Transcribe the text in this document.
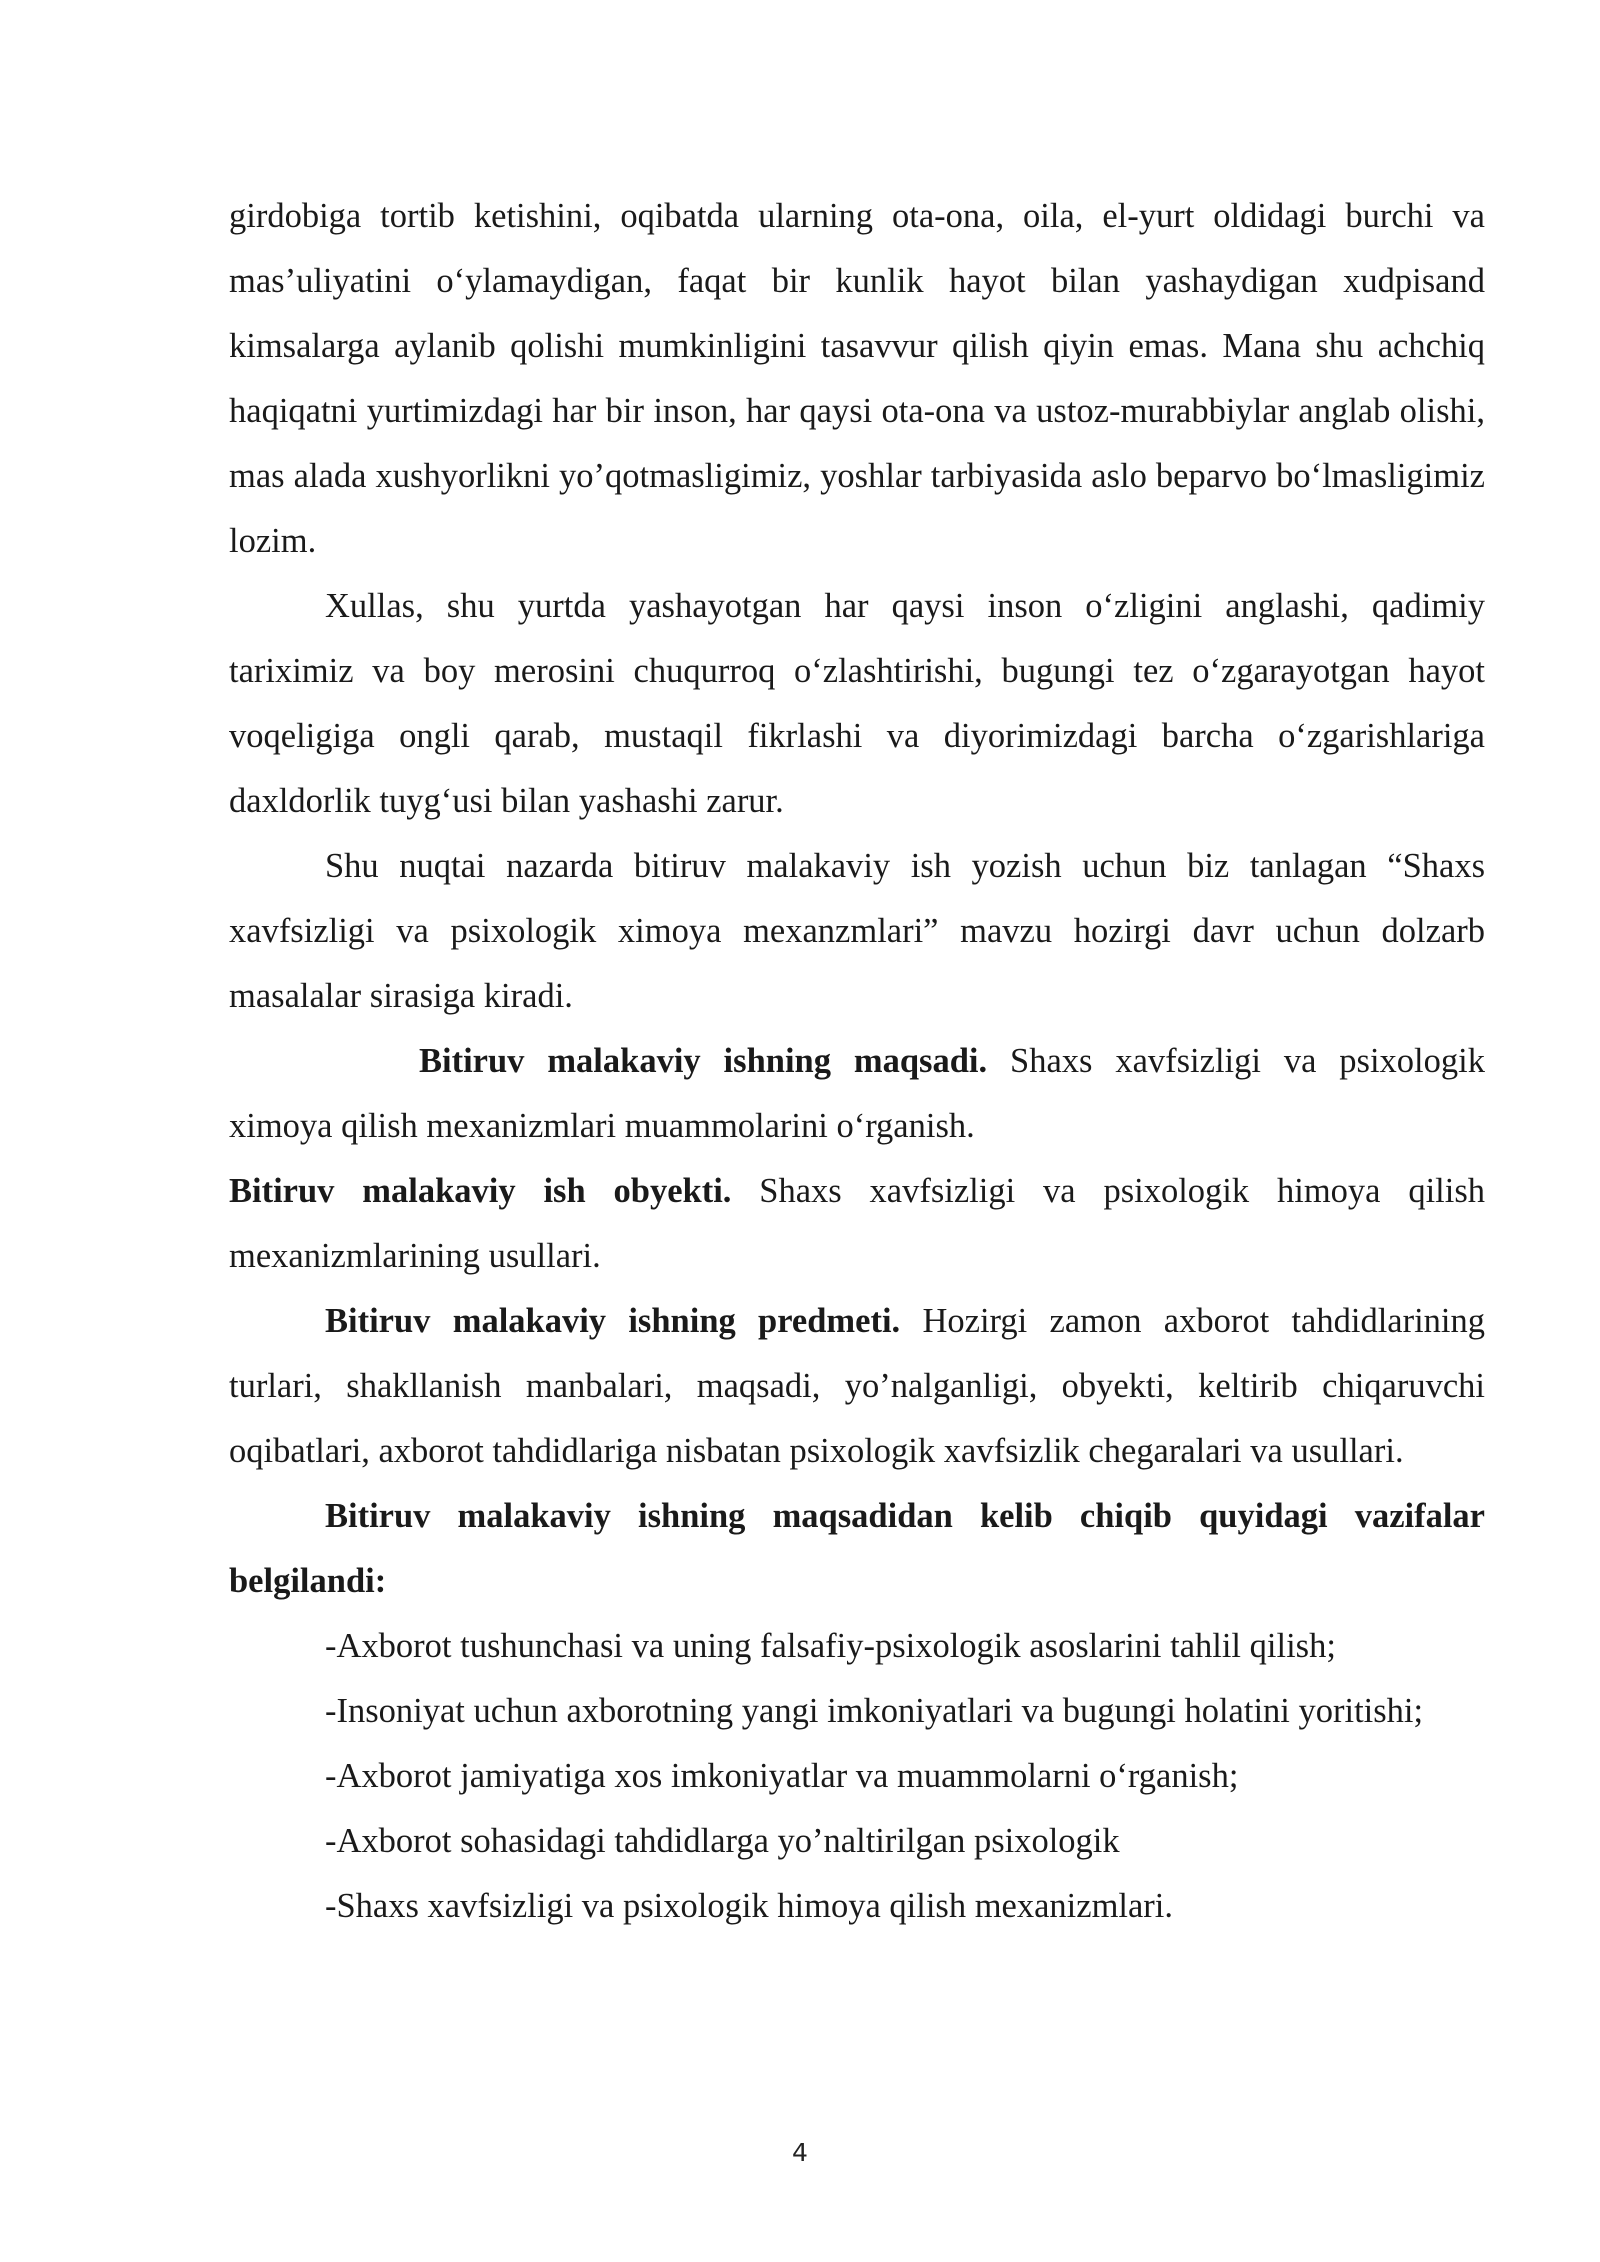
girdobiga tortib ketishini, oqibatda ularning ota-ona, oila, el-yurt oldidagi burchi va mas’uliyatini o‘ylamaydigan, faqat bir kunlik hayot bilan yashaydigan xudpisand kimsalarga aylanib qolishi mumkinligini tasavvur qilish qiyin emas. Mana shu achchiq haqiqatni yurtimizdagi har bir inson, har qaysi ota-ona va ustoz-murabbiylar anglab olishi, mas alada xushyorlikni yo’qotmasligimiz, yoshlar tarbiyasida aslo beparvo bo‘lmasligimiz lozim.

Xullas, shu yurtda yashayotgan har qaysi inson o‘zligini anglashi, qadimiy tariximiz va boy merosini chuqurroq o‘zlashtirishi, bugungi tez o‘zgarayotgan hayot voqeligiga ongli qarab, mustaqil fikrlashi va diyorimizdagi barcha o‘zgarishlariga daxldorlik tuyg‘usi bilan yashashi zarur.

Shu nuqtai nazarda bitiruv malakaviy ish yozish uchun biz tanlagan “Shaxs xavfsizligi va psixologik ximoya mexanzmlari” mavzu hozirgi davr uchun dolzarb masalalar sirasiga kiradi.

Bitiruv malakaviy ishning maqsadi. Shaxs xavfsizligi va psixologik ximoya qilish mexanizmlari muammolarini o‘rganish.

Bitiruv malakaviy ish obyekti. Shaxs xavfsizligi va psixologik himoya qilish mexanizmlarining usullari.

Bitiruv malakaviy ishning predmeti. Hozirgi zamon axborot tahdidlarining turlari, shakllanish manbalari, maqsadi, yo’nalganligi, obyekti, keltirib chiqaruvchi oqibatlari, axborot tahdidlariga nisbatan psixologik xavfsizlik chegaralari va usullari.

Bitiruv malakaviy ishning maqsadidan kelib chiqib quyidagi vazifalar belgilandi:

-Axborot tushunchasi va uning falsafiy-psixologik asoslarini tahlil qilish;

-Insoniyat uchun axborotning yangi imkoniyatlari va bugungi holatini yoritishi;

-Axborot jamiyatiga xos imkoniyatlar va muammolarni o‘rganish;

-Axborot sohasidagi tahdidlarga yo’naltirilgan psixologik

-Shaxs xavfsizligi va psixologik himoya qilish mexanizmlari.

4
